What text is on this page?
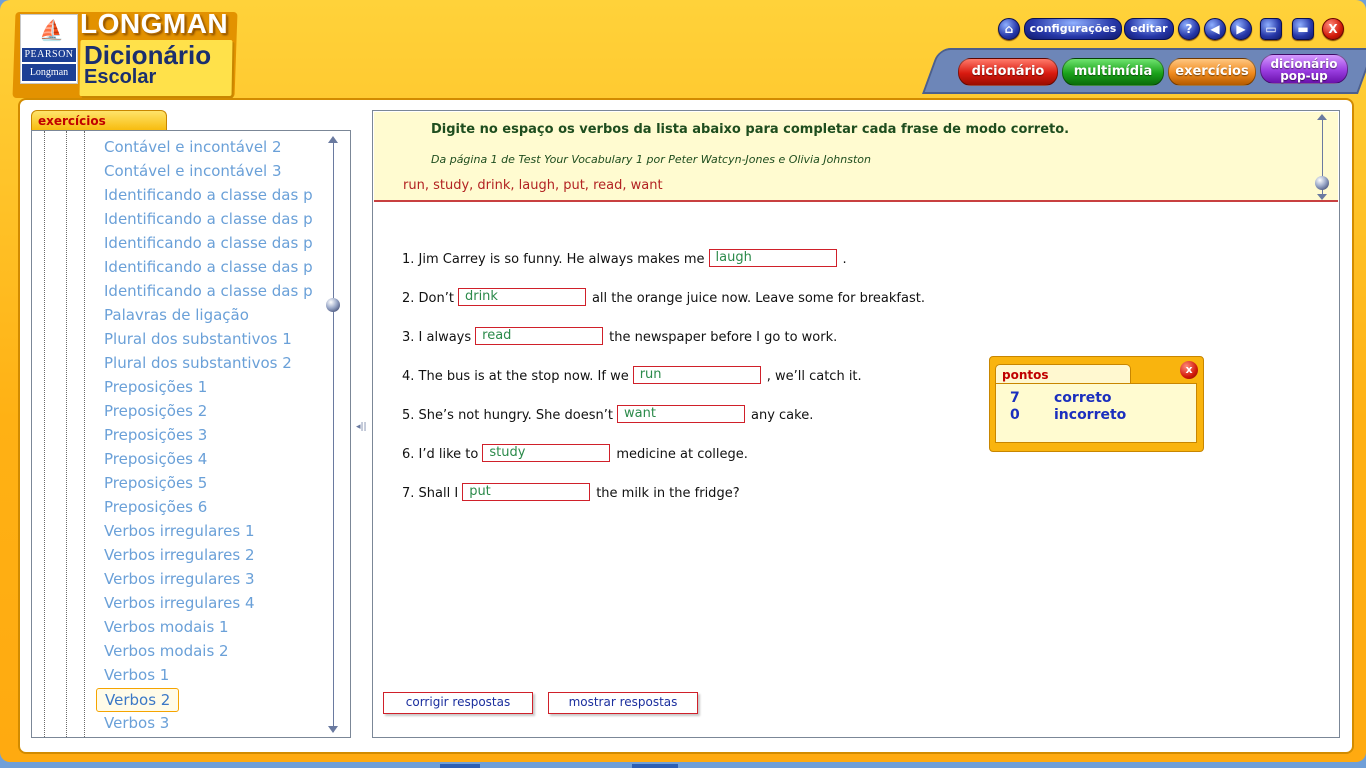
⛵
PEARSON
Longman
LONGMAN
Dicionário
Escolar
⌂	configurações	editar	?	◀	▶	▭	▬	X
dicionário	multimídia	exercícios	dicionário
pop-up
exercícios
Contável e incontável 2
Contável e incontável 3
Identificando a classe das p
Identificando a classe das p
Identificando a classe das p
Identificando a classe das p
Identificando a classe das p
Palavras de ligação
Plural dos substantivos 1
Plural dos substantivos 2
Preposições 1
Preposições 2
Preposições 3
Preposições 4
Preposições 5
Preposições 6
Verbos irregulares 1
Verbos irregulares 2
Verbos irregulares 3
Verbos irregulares 4
Verbos modais 1
Verbos modais 2
Verbos 1
Verbos 2
Verbos 3
◂||
Digite no espaço os verbos da lista abaixo para completar cada frase de modo correto.
Da página 1 de Test Your Vocabulary 1 por Peter Watcyn-Jones e Olivia Johnston
run, study, drink, laugh, put, read, want
1. Jim Carrey is so funny. He always makes me laugh	.
2. Don’t drink	all the orange juice now. Leave some for breakfast.
3. I always read	the newspaper before I go to work.
4. The bus is at the stop now. If we run	, we’ll catch it.
5. She’s not hungry. She doesn’t want	any cake.
6. I’d like to study	medicine at college.
7. Shall I put	the milk in the fridge?
corrigir respostas	mostrar respostas
pontos
7 correto
0 incorreto
x
